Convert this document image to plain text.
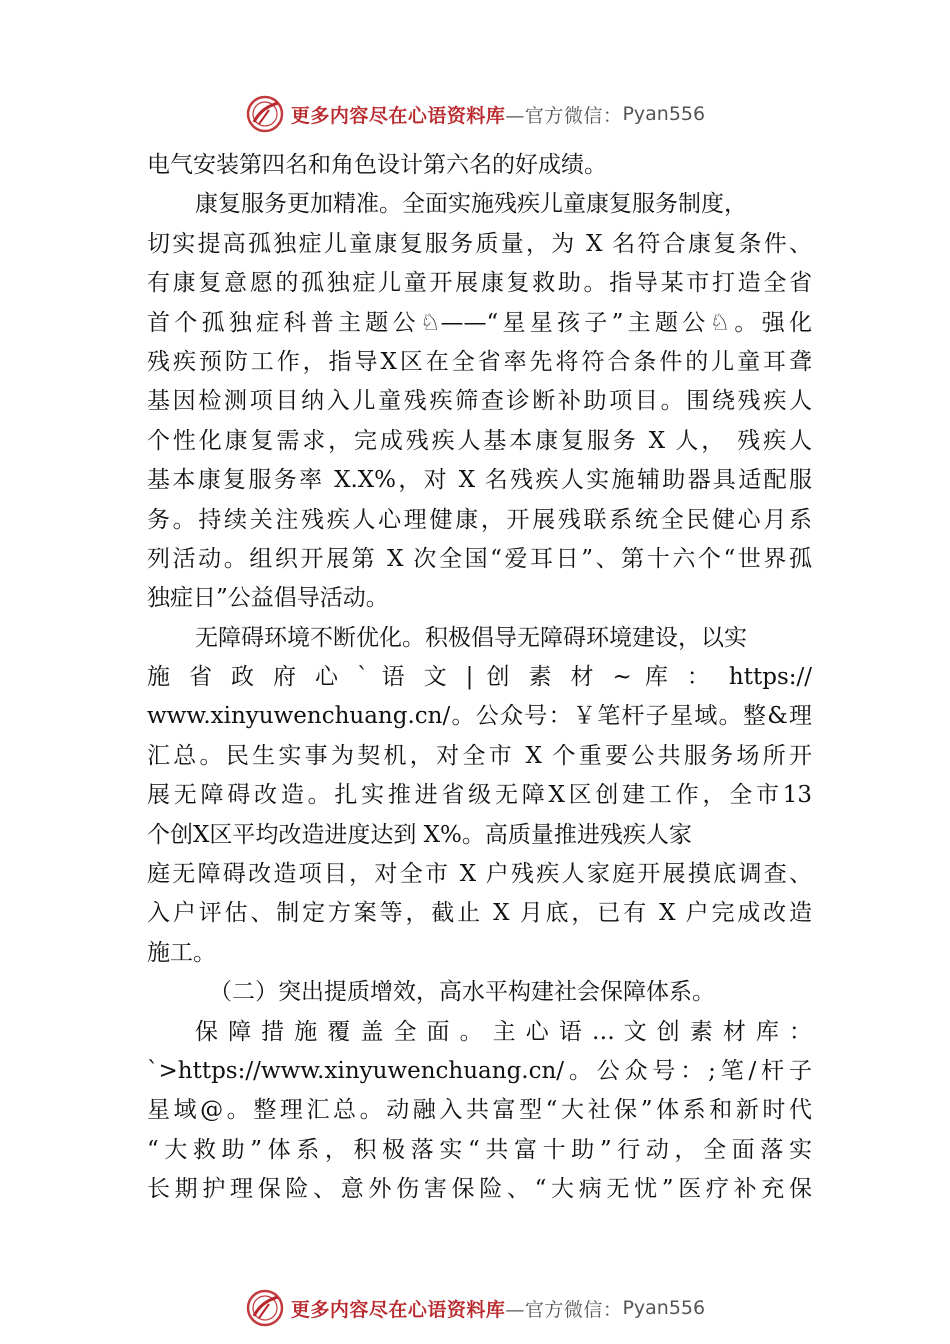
更多内容尽在心语资料库 —官方微信： Pyan556
电气安装第四名和角色设计第六名的好成绩。
康复服务更加精准。全面实施残疾儿童康复服务制度，
切实提高孤独症儿童康复服务质量，为 X 名符合康复条件、
有康复意愿的孤独症儿童开展康复救助。指导某市打造全省
首个孤独症科普主题公♘——“星星孩子”主题公♘。强化
残疾预防工作，指导X区在全省率先将符合条件的儿童耳聋
基因检测项目纳入儿童残疾筛查诊断补助项目。围绕残疾人
个性化康复需求，完成残疾人基本康复服务 X 人， 残疾人
基本康复服务率 X.X%，对 X 名残疾人实施辅助器具适配服
务。持续关注残疾人心理健康，开展残联系统全民健心月系
列活动。组织开展第 X 次全国“爱耳日”、第十六个“世界孤
独症日”公益倡导活动。
无障碍环境不断优化。积极倡导无障碍环境建设，以实
施 省 政 府 心 ` 语 文 | 创 素 材 ~ 库 ： https://
www.xinyuwenchuang.cn/。公众号：￥笔杆子星域。整&理
汇总。民生实事为契机，对全市 X 个重要公共服务场所开
展无障碍改造。扎实推进省级无障X区创建工作，全市13
个创X区平均改造进度达到 X%。高质量推进残疾人家
庭无障碍改造项目，对全市 X 户残疾人家庭开展摸底调查、
入户评估、制定方案等，截止 X 月底，已有 X 户完成改造
施工。
（二）突出提质增效，高水平构建社会保障体系。
保 障 措 施 覆 盖 全 面 。 主 心 语 … 文 创 素 材 库 ：
`>https://www.xinyuwenchuang.cn/。公众号：;笔/杆子
星域@。整理汇总。动融入共富型“大社保”体系和新时代
“大救助”体系，积极落实“共富十助”行动，全面落实
长期护理保险、意外伤害保险、“大病无忧”医疗补充保
更多内容尽在心语资料库 —官方微信： Pyan556
